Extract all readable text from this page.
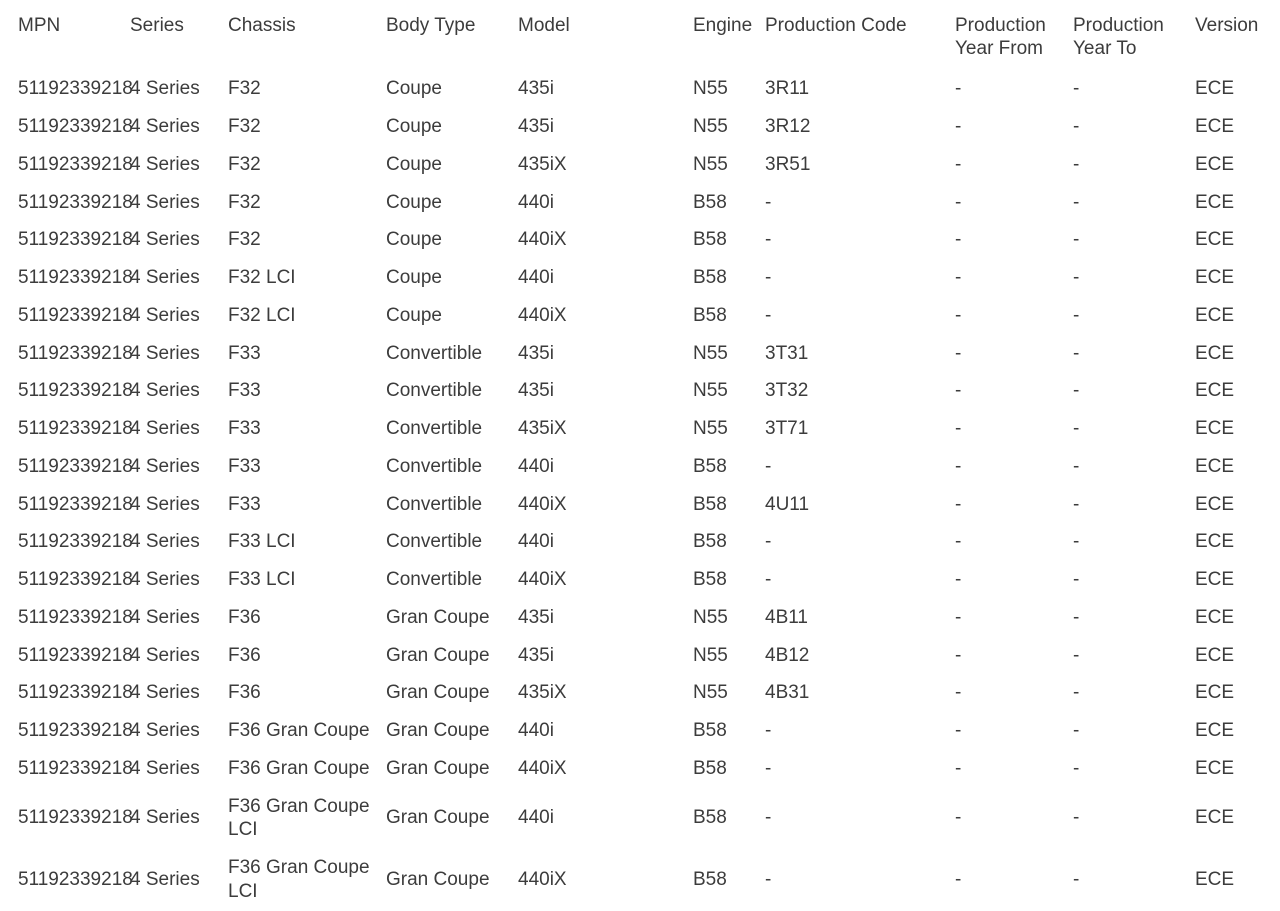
MPN	Series	Chassis	Body Type	Model	Engine	Production Code	Production Year From	Production Year To	Version
51192339218	4 Series	F32	Coupe	435i	N55	3R11	-	-	ECE
51192339218	4 Series	F32	Coupe	435i	N55	3R12	-	-	ECE
51192339218	4 Series	F32	Coupe	435iX	N55	3R51	-	-	ECE
51192339218	4 Series	F32	Coupe	440i	B58	-	-	-	ECE
51192339218	4 Series	F32	Coupe	440iX	B58	-	-	-	ECE
51192339218	4 Series	F32 LCI	Coupe	440i	B58	-	-	-	ECE
51192339218	4 Series	F32 LCI	Coupe	440iX	B58	-	-	-	ECE
51192339218	4 Series	F33	Convertible	435i	N55	3T31	-	-	ECE
51192339218	4 Series	F33	Convertible	435i	N55	3T32	-	-	ECE
51192339218	4 Series	F33	Convertible	435iX	N55	3T71	-	-	ECE
51192339218	4 Series	F33	Convertible	440i	B58	-	-	-	ECE
51192339218	4 Series	F33	Convertible	440iX	B58	4U11	-	-	ECE
51192339218	4 Series	F33 LCI	Convertible	440i	B58	-	-	-	ECE
51192339218	4 Series	F33 LCI	Convertible	440iX	B58	-	-	-	ECE
51192339218	4 Series	F36	Gran Coupe	435i	N55	4B11	-	-	ECE
51192339218	4 Series	F36	Gran Coupe	435i	N55	4B12	-	-	ECE
51192339218	4 Series	F36	Gran Coupe	435iX	N55	4B31	-	-	ECE
51192339218	4 Series	F36 Gran Coupe	Gran Coupe	440i	B58	-	-	-	ECE
51192339218	4 Series	F36 Gran Coupe	Gran Coupe	440iX	B58	-	-	-	ECE
51192339218	4 Series	F36 Gran Coupe LCI	Gran Coupe	440i	B58	-	-	-	ECE
51192339218	4 Series	F36 Gran Coupe LCI	Gran Coupe	440iX	B58	-	-	-	ECE
